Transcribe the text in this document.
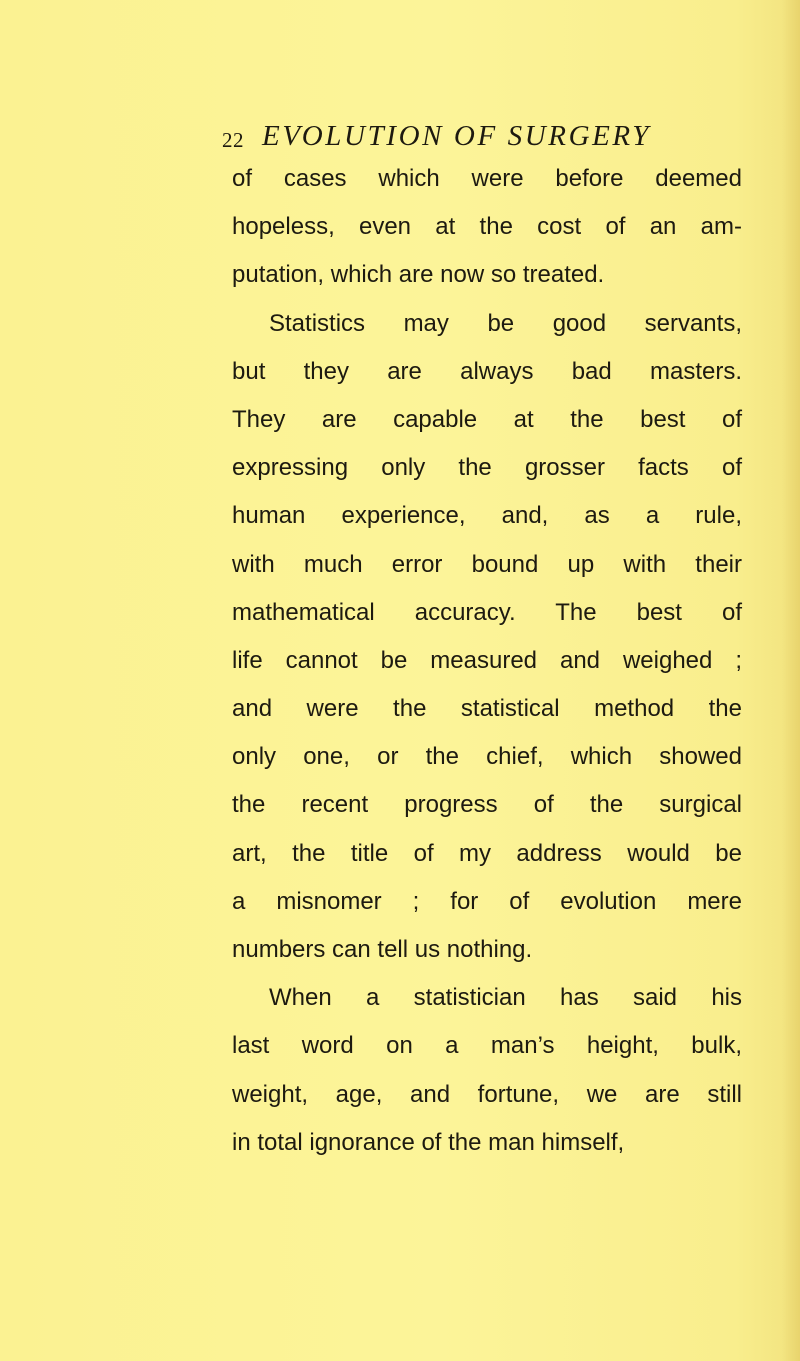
22 EVOLUTION OF SURGERY
of cases which were before deemed
hopeless, even at the cost of an am-
putation, which are now so treated.
Statistics may be good servants,
but they are always bad masters.
They are capable at the best of
expressing only the grosser facts of
human experience, and, as a rule,
with much error bound up with their
mathematical accuracy. The best of
life cannot be measured and weighed ;
and were the statistical method the
only one, or the chief, which showed
the recent progress of the surgical
art, the title of my address would be
a misnomer ; for of evolution mere
numbers can tell us nothing.
When a statistician has said his
last word on a man’s height, bulk,
weight, age, and fortune, we are still
in total ignorance of the man himself,
